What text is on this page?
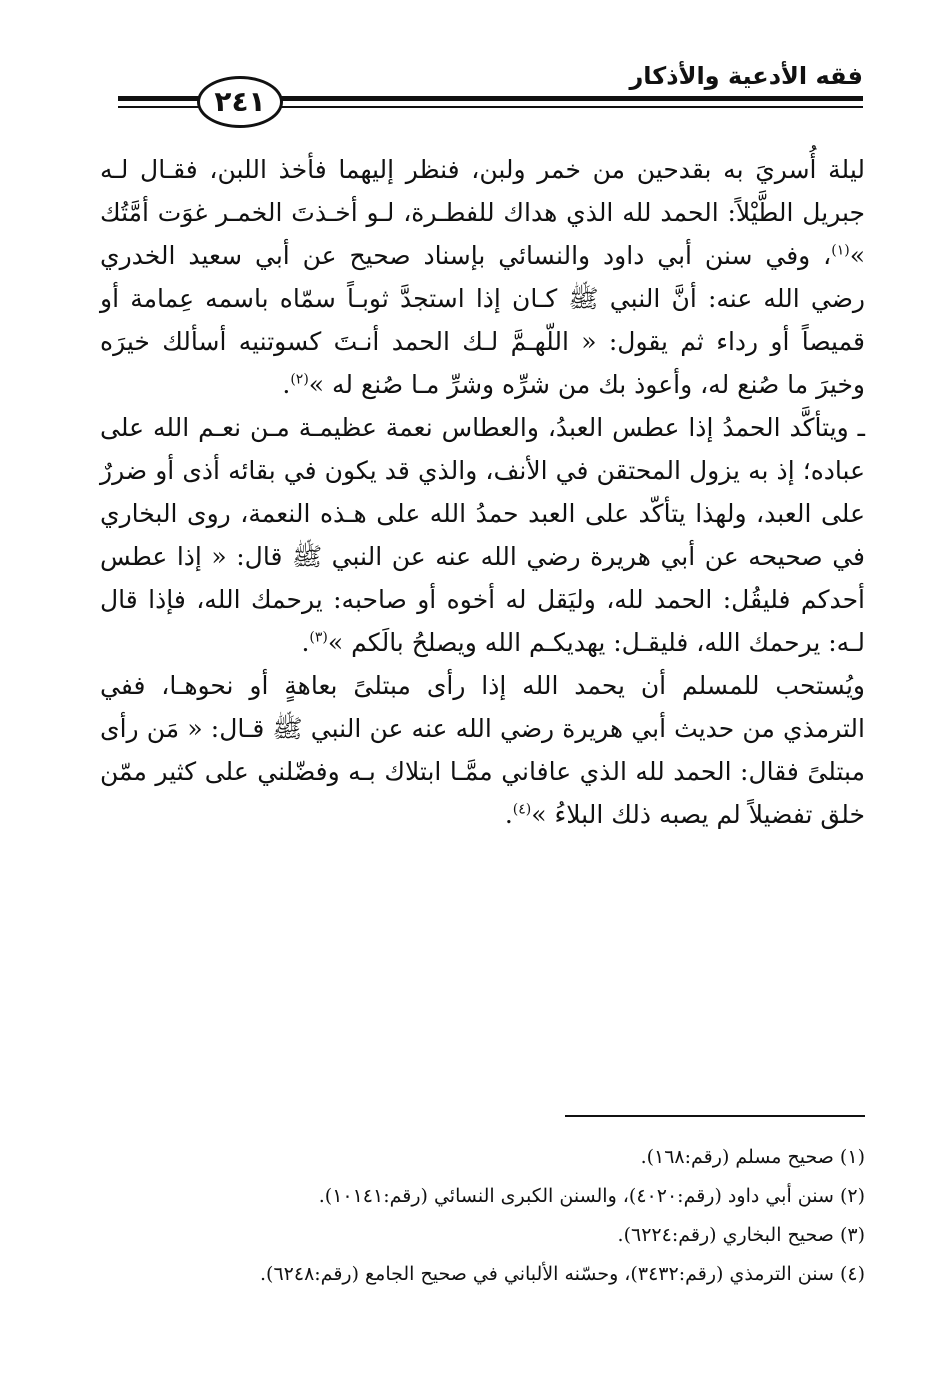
فقه الأدعية والأذكار
٢٤١

ليلة أُسريَ به بقدحين من خمر ولبن، فنظر إليهما فأخذ اللبن، فقـال لـه جبريل الطَّيْلاً: الحمد لله الذي هداك للفطـرة، لـو أخـذتَ الخمـر غوَت أمَّتُك »$^{(١)}$، وفي سنن أبي داود والنسائي بإسناد صحيح عن أبي سعيد الخدري رضي الله عنه: أنَّ النبي ﷺ كـان إذا استجدَّ ثوبـاً سمّاه باسمه عِمامة أو قميصاً أو رداء ثم يقول: « اللّهـمَّ لـك الحمد أنـتَ كسوتنيه أسألك خيرَه وخيرَ ما صُنع له، وأعوذ بك من شرِّه وشرِّ مـا صُنع له »$^{(٢)}$.

ـ ويتأكَّد الحمدُ إذا عطس العبدُ، والعطاس نعمة عظيمـة مـن نعـم الله على عباده؛ إذ به يزول المحتقن في الأنف، والذي قد يكون في بقائه أذى أو ضررٌ على العبد، ولهذا يتأكّد على العبد حمدُ الله على هـذه النعمة، روى البخاري في صحيحه عن أبي هريرة رضي الله عنه عن النبي ﷺ قال: « إذا عطس أحدكم فليقُل: الحمد لله، وليَقل له أخوه أو صاحبه: يرحمك الله، فإذا قال لـه: يرحمك الله، فليقـل: يهديكـم الله ويصلحُ بالَكم »$^{(٣)}$.

ويُستحب للمسلم أن يحمد الله إذا رأى مبتلىً بعاهةٍ أو نحوهـا، ففي الترمذي من حديث أبي هريرة رضي الله عنه عن النبي ﷺ قـال: « مَن رأى مبتلىً فقال: الحمد لله الذي عافاني ممَّـا ابتلاك بـه وفضّلني على كثير ممّن خلق تفضيلاً لم يصبه ذلك البلاءُ »$^{(٤)}$.

(١) صحيح مسلم (رقم:١٦٨).

(٢) سنن أبي داود (رقم:٤٠٢٠)، والسنن الكبرى النسائي (رقم:١٠١٤١).

(٣) صحيح البخاري (رقم:٦٢٢٤).

(٤) سنن الترمذي (رقم:٣٤٣٢)، وحسّنه الألباني في صحيح الجامع (رقم:٦٢٤٨).
